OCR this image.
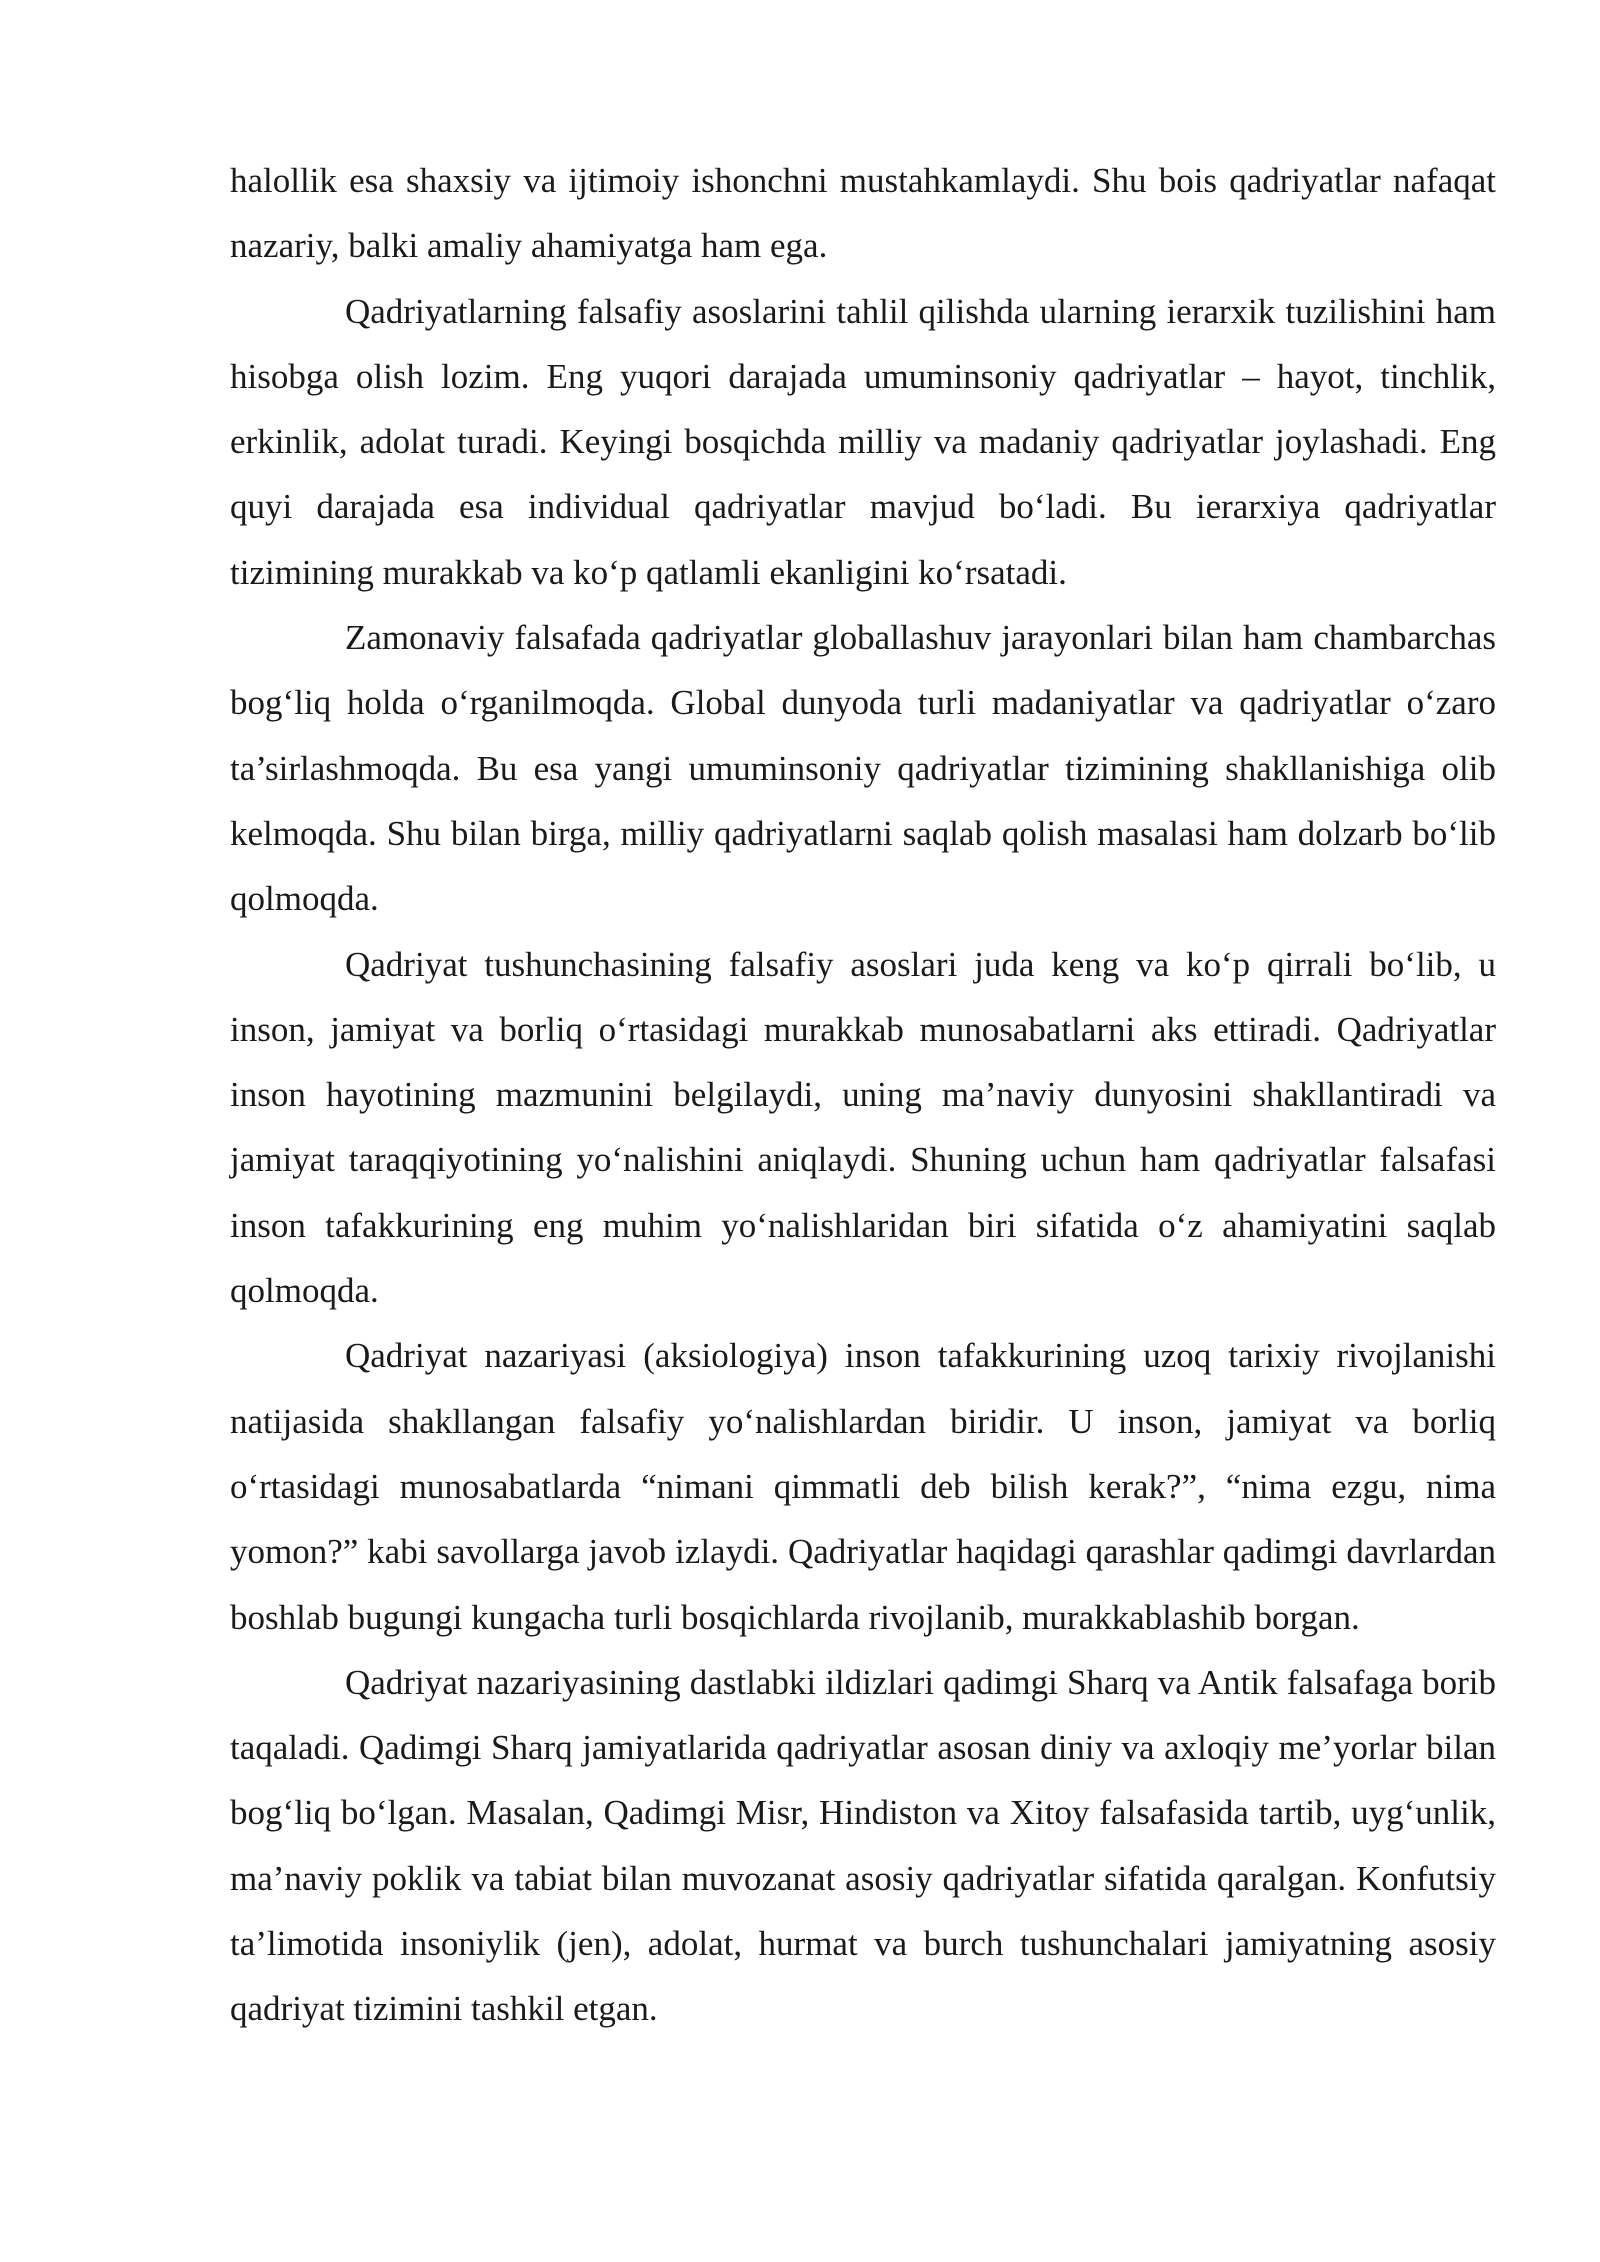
halollik esa shaxsiy va ijtimoiy ishonchni mustahkamlaydi. Shu bois qadriyatlar nafaqat nazariy, balki amaliy ahamiyatga ham ega.

Qadriyatlarning falsafiy asoslarini tahlil qilishda ularning ierarxik tuzilishini ham hisobga olish lozim. Eng yuqori darajada umuminsoniy qadriyatlar – hayot, tinchlik, erkinlik, adolat turadi. Keyingi bosqichda milliy va madaniy qadriyatlar joylashadi. Eng quyi darajada esa individual qadriyatlar mavjud boʻladi. Bu ierarxiya qadriyatlar tizimining murakkab va koʻp qatlamli ekanligini koʻrsatadi.

Zamonaviy falsafada qadriyatlar globallashuv jarayonlari bilan ham chambarchas bogʻliq holda oʻrganilmoqda. Global dunyoda turli madaniyatlar va qadriyatlar oʻzaro ta’sirlashmoqda. Bu esa yangi umuminsoniy qadriyatlar tizimining shakllanishiga olib kelmoqda. Shu bilan birga, milliy qadriyatlarni saqlab qolish masalasi ham dolzarb boʻlib qolmoqda.

Qadriyat tushunchasining falsafiy asoslari juda keng va koʻp qirrali boʻlib, u inson, jamiyat va borliq oʻrtasidagi murakkab munosabatlarni aks ettiradi. Qadriyatlar inson hayotining mazmunini belgilaydi, uning ma’naviy dunyosini shakllantiradi va jamiyat taraqqiyotining yoʻnalishini aniqlaydi. Shuning uchun ham qadriyatlar falsafasi inson tafakkurining eng muhim yoʻnalishlaridan biri sifatida oʻz ahamiyatini saqlab qolmoqda.

Qadriyat nazariyasi (aksiologiya) inson tafakkurining uzoq tarixiy rivojlanishi natijasida shakllangan falsafiy yoʻnalishlardan biridir. U inson, jamiyat va borliq oʻrtasidagi munosabatlarda “nimani qimmatli deb bilish kerak?”, “nima ezgu, nima yomon?” kabi savollarga javob izlaydi. Qadriyatlar haqidagi qarashlar qadimgi davrlardan boshlab bugungi kungacha turli bosqichlarda rivojlanib, murakkablashib borgan.

Qadriyat nazariyasining dastlabki ildizlari qadimgi Sharq va Antik falsafaga borib taqaladi. Qadimgi Sharq jamiyatlarida qadriyatlar asosan diniy va axloqiy me’yorlar bilan bogʻliq boʻlgan. Masalan, Qadimgi Misr, Hindiston va Xitoy falsafasida tartib, uygʻunlik, ma’naviy poklik va tabiat bilan muvozanat asosiy qadriyatlar sifatida qaralgan. Konfutsiy ta’limotida insoniylik (jen), adolat, hurmat va burch tushunchalari jamiyatning asosiy qadriyat tizimini tashkil etgan.
